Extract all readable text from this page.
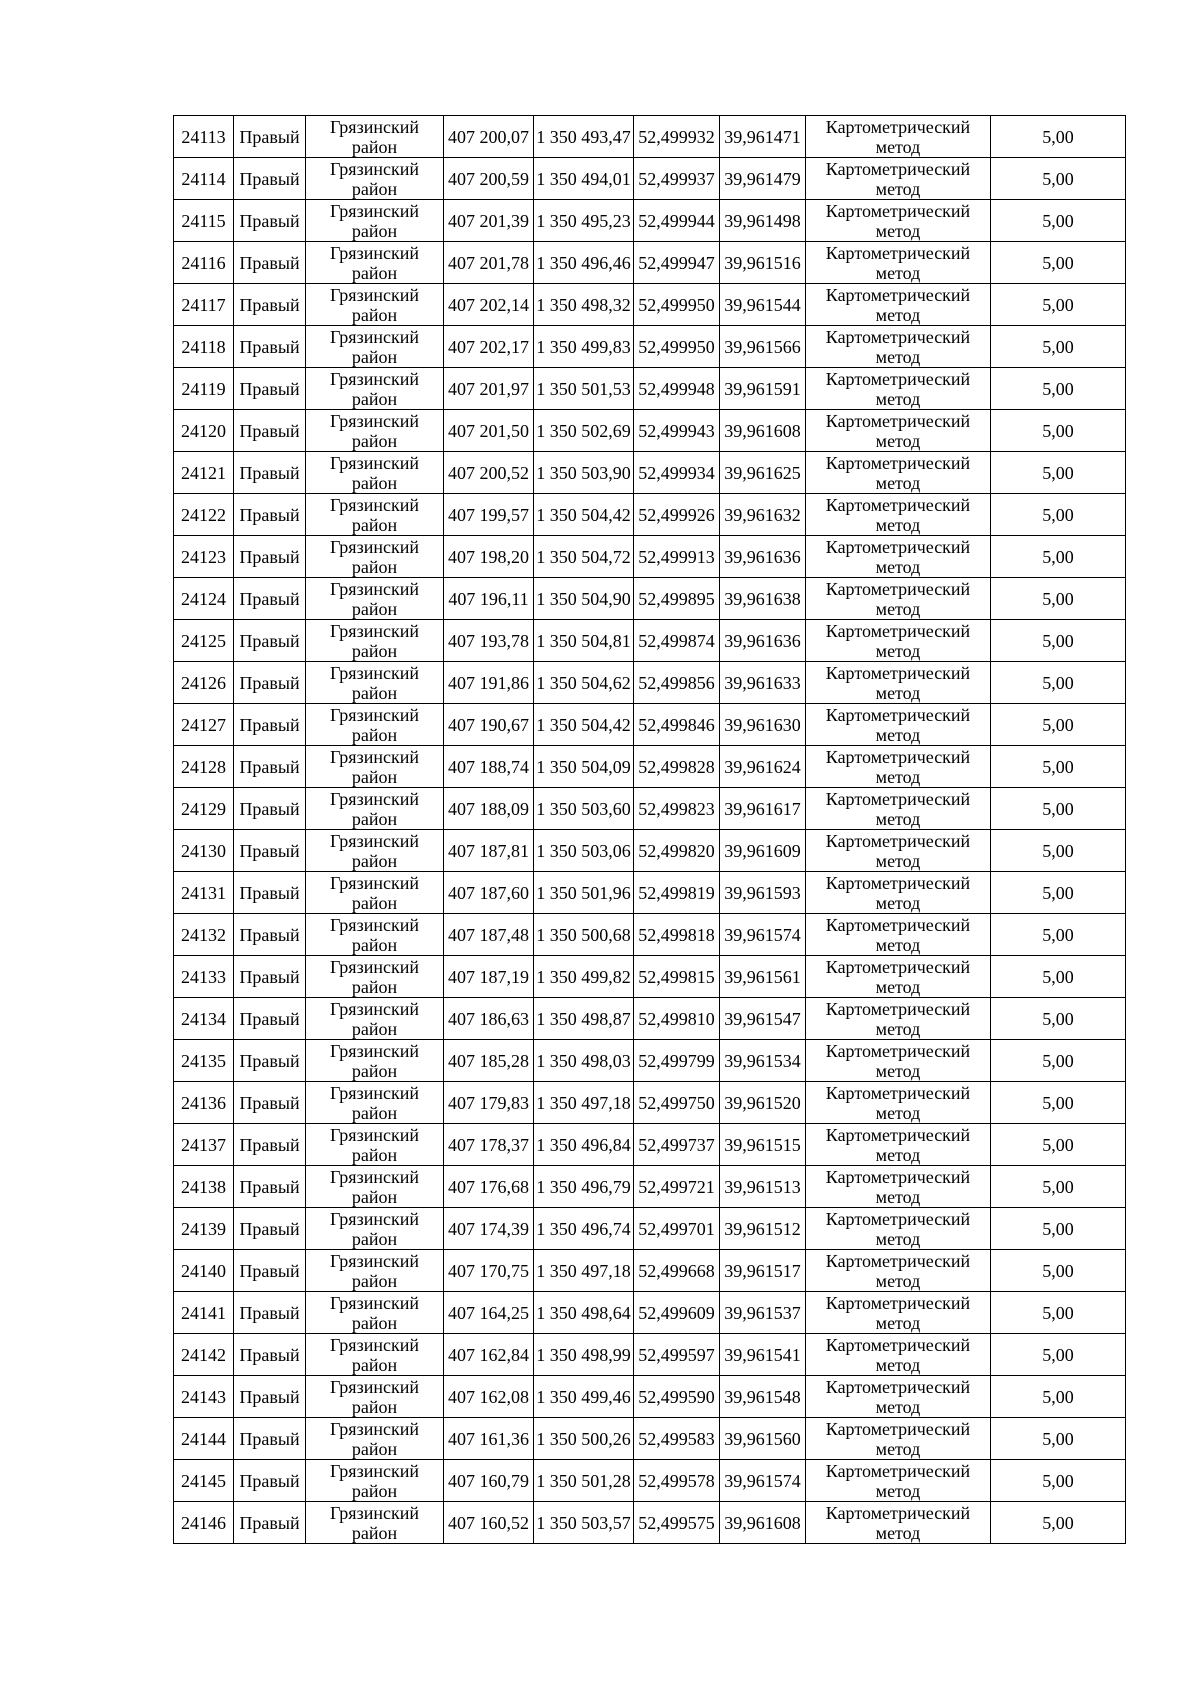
24113	Правый	Грязинский район	407 200,07	1 350 493,47	52,499932	39,961471	Картометрический метод	5,00
24114	Правый	Грязинский район	407 200,59	1 350 494,01	52,499937	39,961479	Картометрический метод	5,00
24115	Правый	Грязинский район	407 201,39	1 350 495,23	52,499944	39,961498	Картометрический метод	5,00
24116	Правый	Грязинский район	407 201,78	1 350 496,46	52,499947	39,961516	Картометрический метод	5,00
24117	Правый	Грязинский район	407 202,14	1 350 498,32	52,499950	39,961544	Картометрический метод	5,00
24118	Правый	Грязинский район	407 202,17	1 350 499,83	52,499950	39,961566	Картометрический метод	5,00
24119	Правый	Грязинский район	407 201,97	1 350 501,53	52,499948	39,961591	Картометрический метод	5,00
24120	Правый	Грязинский район	407 201,50	1 350 502,69	52,499943	39,961608	Картометрический метод	5,00
24121	Правый	Грязинский район	407 200,52	1 350 503,90	52,499934	39,961625	Картометрический метод	5,00
24122	Правый	Грязинский район	407 199,57	1 350 504,42	52,499926	39,961632	Картометрический метод	5,00
24123	Правый	Грязинский район	407 198,20	1 350 504,72	52,499913	39,961636	Картометрический метод	5,00
24124	Правый	Грязинский район	407 196,11	1 350 504,90	52,499895	39,961638	Картометрический метод	5,00
24125	Правый	Грязинский район	407 193,78	1 350 504,81	52,499874	39,961636	Картометрический метод	5,00
24126	Правый	Грязинский район	407 191,86	1 350 504,62	52,499856	39,961633	Картометрический метод	5,00
24127	Правый	Грязинский район	407 190,67	1 350 504,42	52,499846	39,961630	Картометрический метод	5,00
24128	Правый	Грязинский район	407 188,74	1 350 504,09	52,499828	39,961624	Картометрический метод	5,00
24129	Правый	Грязинский район	407 188,09	1 350 503,60	52,499823	39,961617	Картометрический метод	5,00
24130	Правый	Грязинский район	407 187,81	1 350 503,06	52,499820	39,961609	Картометрический метод	5,00
24131	Правый	Грязинский район	407 187,60	1 350 501,96	52,499819	39,961593	Картометрический метод	5,00
24132	Правый	Грязинский район	407 187,48	1 350 500,68	52,499818	39,961574	Картометрический метод	5,00
24133	Правый	Грязинский район	407 187,19	1 350 499,82	52,499815	39,961561	Картометрический метод	5,00
24134	Правый	Грязинский район	407 186,63	1 350 498,87	52,499810	39,961547	Картометрический метод	5,00
24135	Правый	Грязинский район	407 185,28	1 350 498,03	52,499799	39,961534	Картометрический метод	5,00
24136	Правый	Грязинский район	407 179,83	1 350 497,18	52,499750	39,961520	Картометрический метод	5,00
24137	Правый	Грязинский район	407 178,37	1 350 496,84	52,499737	39,961515	Картометрический метод	5,00
24138	Правый	Грязинский район	407 176,68	1 350 496,79	52,499721	39,961513	Картометрический метод	5,00
24139	Правый	Грязинский район	407 174,39	1 350 496,74	52,499701	39,961512	Картометрический метод	5,00
24140	Правый	Грязинский район	407 170,75	1 350 497,18	52,499668	39,961517	Картометрический метод	5,00
24141	Правый	Грязинский район	407 164,25	1 350 498,64	52,499609	39,961537	Картометрический метод	5,00
24142	Правый	Грязинский район	407 162,84	1 350 498,99	52,499597	39,961541	Картометрический метод	5,00
24143	Правый	Грязинский район	407 162,08	1 350 499,46	52,499590	39,961548	Картометрический метод	5,00
24144	Правый	Грязинский район	407 161,36	1 350 500,26	52,499583	39,961560	Картометрический метод	5,00
24145	Правый	Грязинский район	407 160,79	1 350 501,28	52,499578	39,961574	Картометрический метод	5,00
24146	Правый	Грязинский район	407 160,52	1 350 503,57	52,499575	39,961608	Картометрический метод	5,00
